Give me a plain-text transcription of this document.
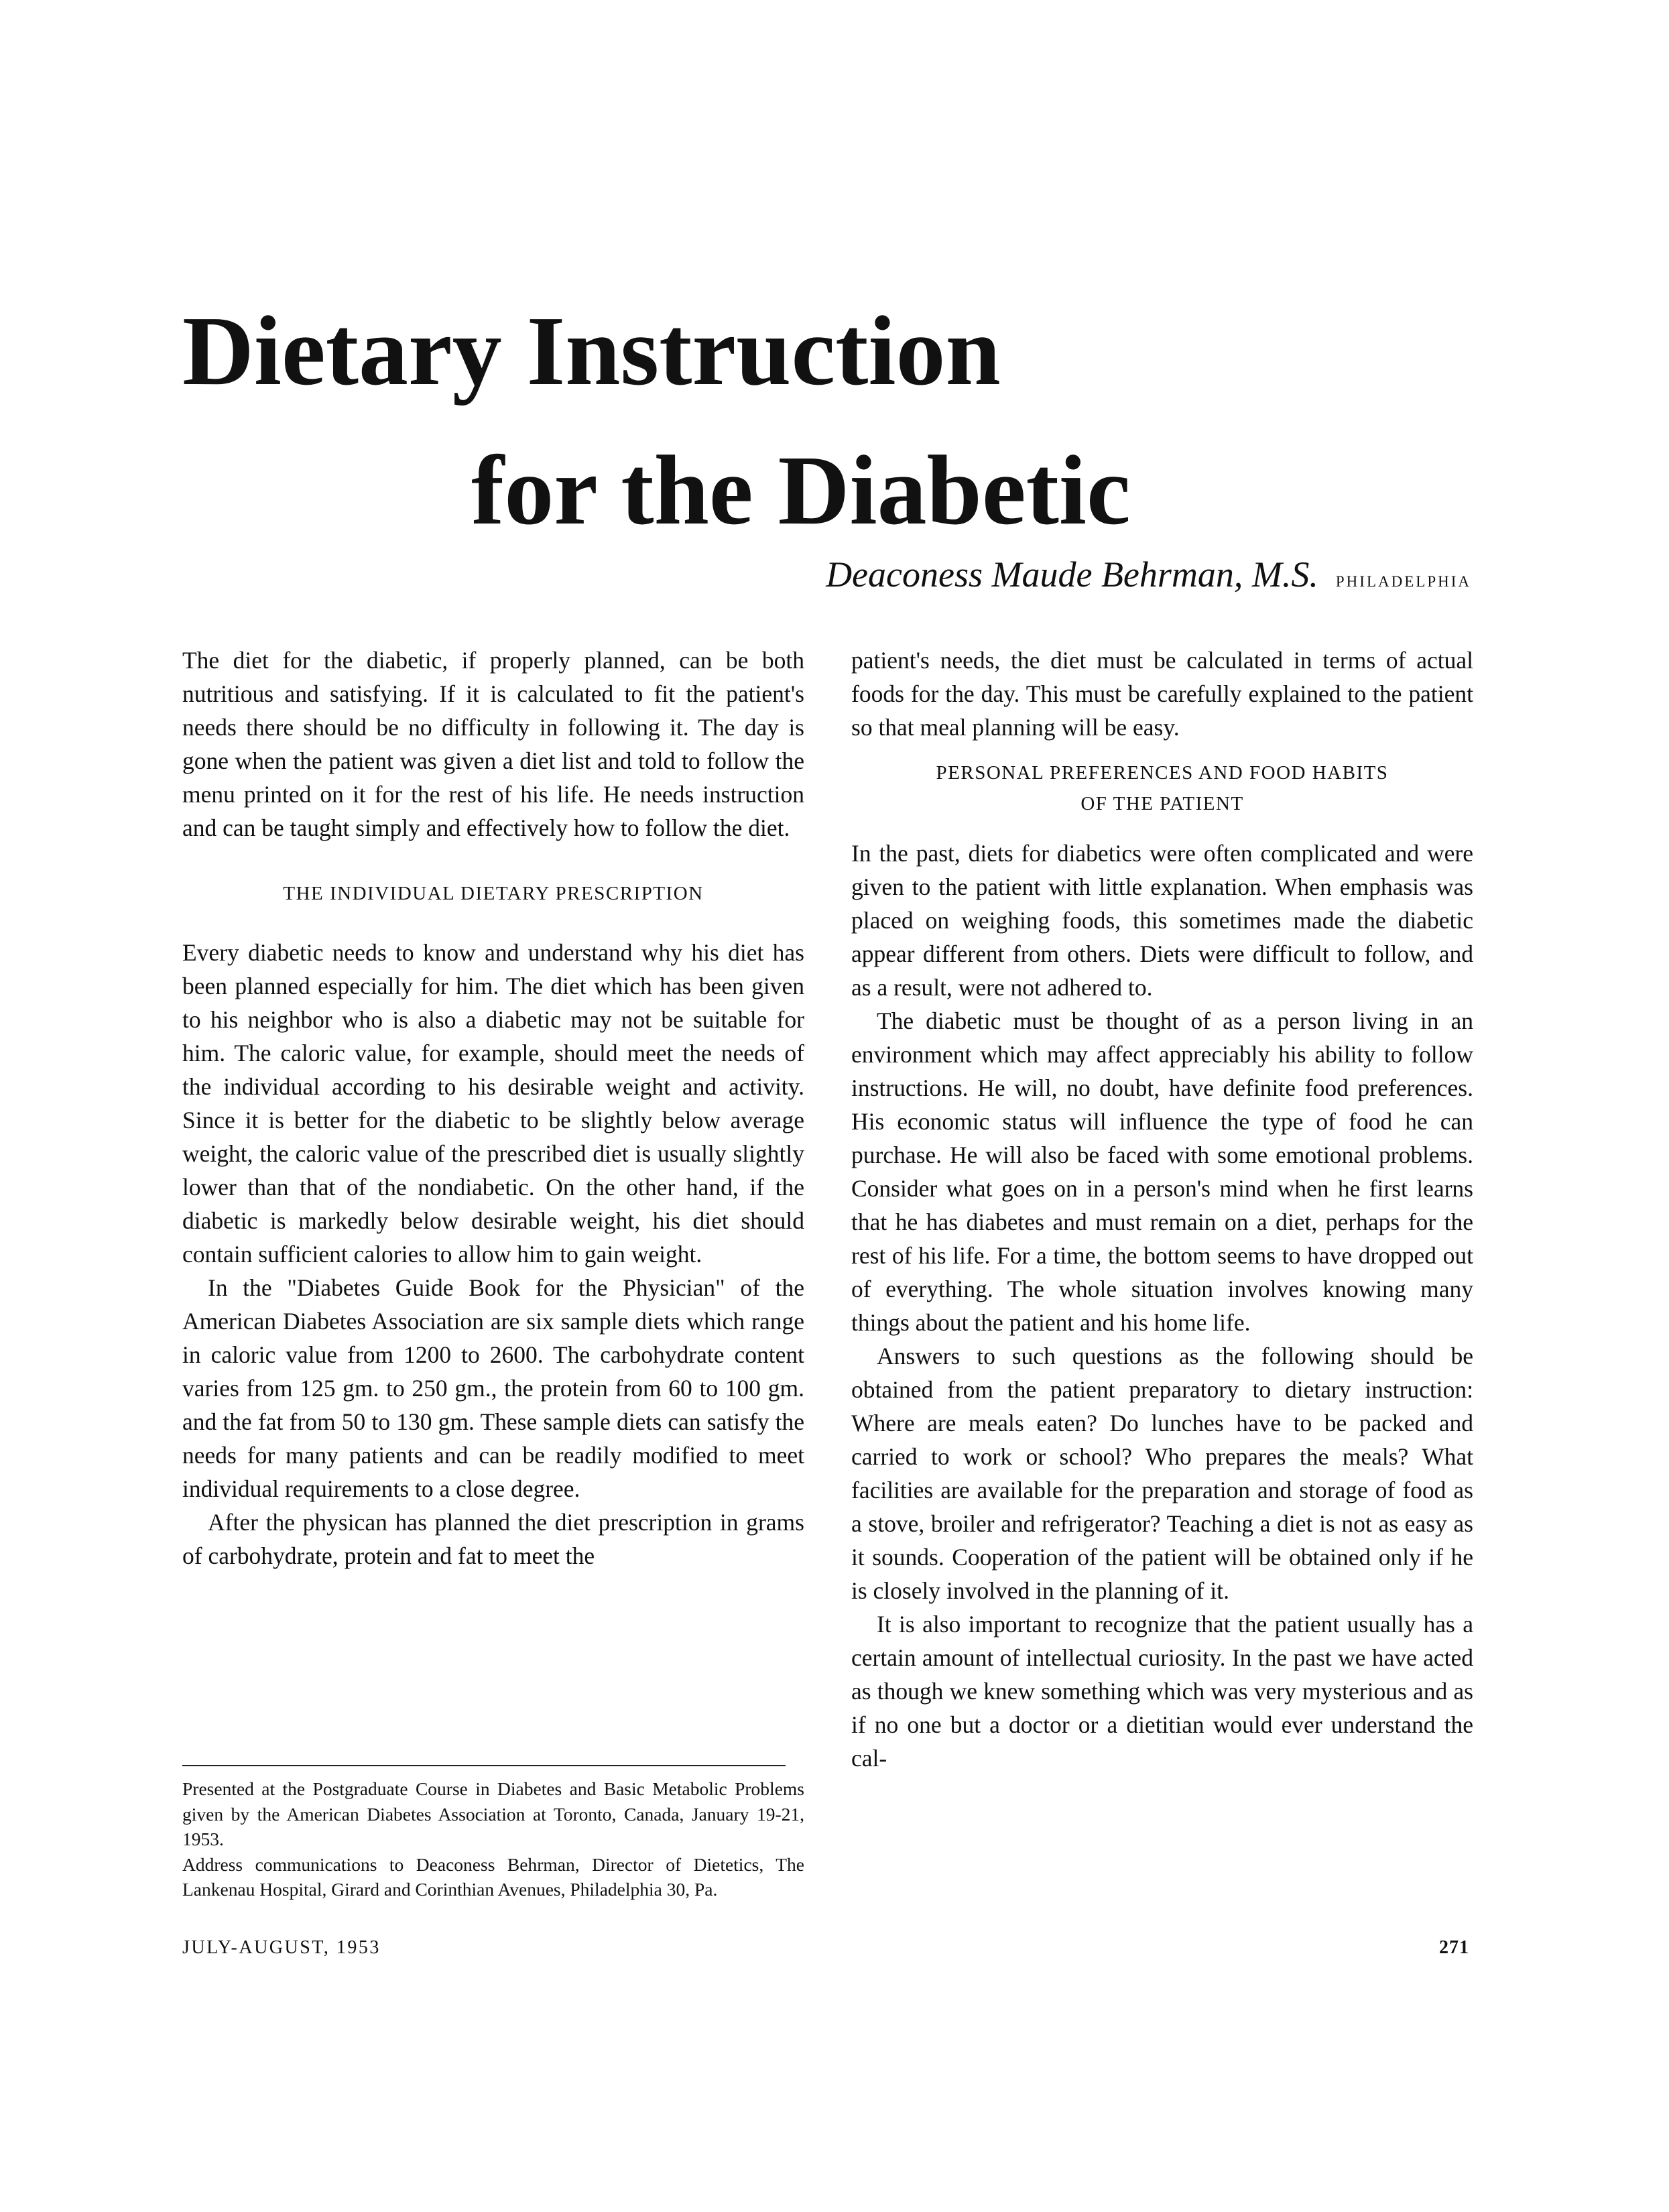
Dietary Instruction
for the Diabetic
Deaconess Maude Behrman, M.S. PHILADELPHIA

The diet for the diabetic, if properly planned, can be both nutritious and satisfying. If it is calculated to fit the patient's needs there should be no difficulty in following it. The day is gone when the patient was given a diet list and told to follow the menu printed on it for the rest of his life. He needs instruction and can be taught simply and effectively how to follow the diet.

THE INDIVIDUAL DIETARY PRESCRIPTION

Every diabetic needs to know and understand why his diet has been planned especially for him. The diet which has been given to his neighbor who is also a diabetic may not be suitable for him. The caloric value, for example, should meet the needs of the individual according to his desirable weight and activity. Since it is better for the diabetic to be slightly below average weight, the caloric value of the prescribed diet is usually slightly lower than that of the nondiabetic. On the other hand, if the diabetic is markedly below desirable weight, his diet should contain sufficient calories to allow him to gain weight.

In the "Diabetes Guide Book for the Physician" of the American Diabetes Association are six sample diets which range in caloric value from 1200 to 2600. The carbohydrate content varies from 125 gm. to 250 gm., the protein from 60 to 100 gm. and the fat from 50 to 130 gm. These sample diets can satisfy the needs for many patients and can be readily modified to meet individual requirements to a close degree.

After the physican has planned the diet prescription in grams of carbohydrate, protein and fat to meet the

patient's needs, the diet must be calculated in terms of actual foods for the day. This must be carefully explained to the patient so that meal planning will be easy.

PERSONAL PREFERENCES AND FOOD HABITS
OF THE PATIENT

In the past, diets for diabetics were often complicated and were given to the patient with little explanation. When emphasis was placed on weighing foods, this sometimes made the diabetic appear different from others. Diets were difficult to follow, and as a result, were not adhered to.

The diabetic must be thought of as a person living in an environment which may affect appreciably his ability to follow instructions. He will, no doubt, have definite food preferences. His economic status will influence the type of food he can purchase. He will also be faced with some emotional problems. Consider what goes on in a person's mind when he first learns that he has diabetes and must remain on a diet, perhaps for the rest of his life. For a time, the bottom seems to have dropped out of everything. The whole situation involves knowing many things about the patient and his home life.

Answers to such questions as the following should be obtained from the patient preparatory to dietary instruction: Where are meals eaten? Do lunches have to be packed and carried to work or school? Who prepares the meals? What facilities are available for the preparation and storage of food as a stove, broiler and refrigerator? Teaching a diet is not as easy as it sounds. Cooperation of the patient will be obtained only if he is closely involved in the planning of it.

It is also important to recognize that the patient usually has a certain amount of intellectual curiosity. In the past we have acted as though we knew something which was very mysterious and as if no one but a doctor or a dietitian would ever understand the cal-

Presented at the Postgraduate Course in Diabetes and Basic Metabolic Problems given by the American Diabetes Association at Toronto, Canada, January 19-21, 1953.

Address communications to Deaconess Behrman, Director of Dietetics, The Lankenau Hospital, Girard and Corinthian Avenues, Philadelphia 30, Pa.

JULY-AUGUST, 1953	271
